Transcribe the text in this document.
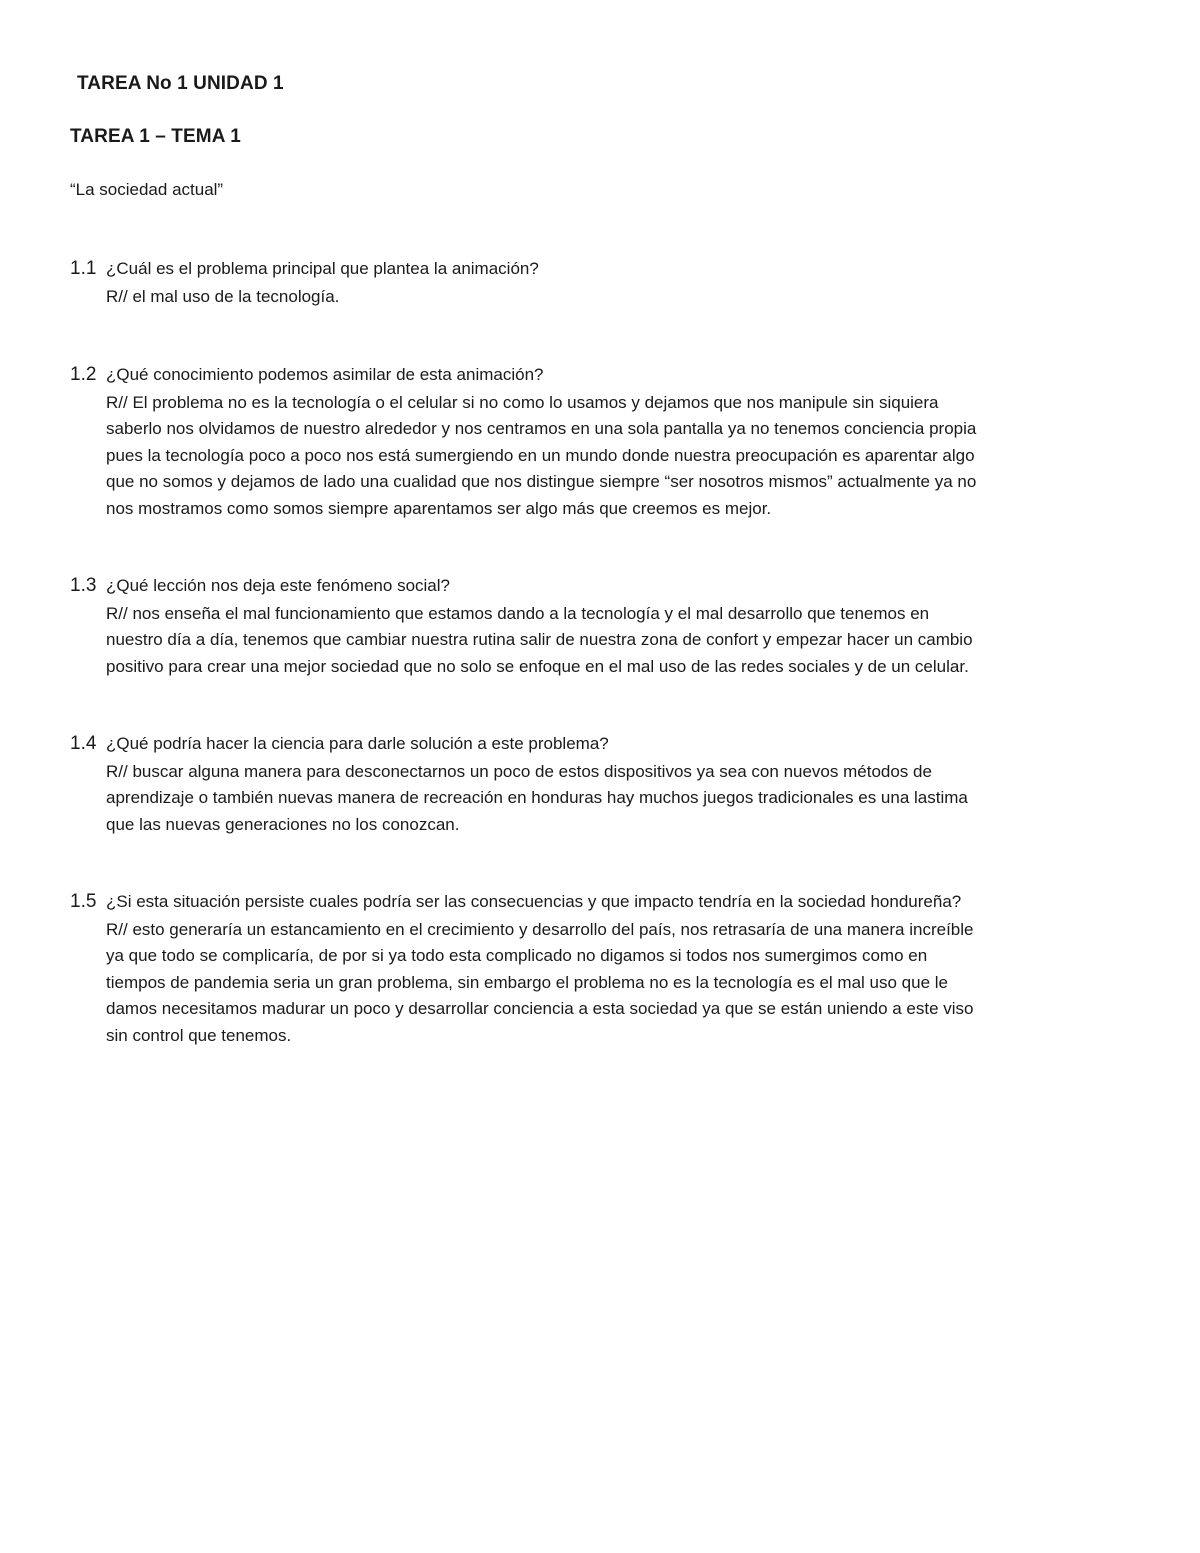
TAREA No 1 UNIDAD 1
TAREA 1 – TEMA 1
“La sociedad actual”
1.1 ¿Cuál es el problema principal que plantea la animación?
R// el mal uso de la tecnología.
1.2 ¿Qué conocimiento podemos asimilar de esta animación?
R// El problema no es la tecnología o el celular si no como lo usamos y dejamos que nos manipule sin siquiera
saberlo nos olvidamos de nuestro alrededor y nos centramos en una sola pantalla ya no tenemos conciencia propia
pues la tecnología poco a poco nos está sumergiendo en un mundo donde nuestra preocupación es aparentar algo
que no somos y dejamos de lado una cualidad que nos distingue siempre “ser nosotros mismos” actualmente ya no
nos mostramos como somos siempre aparentamos ser algo más que creemos es mejor.
1.3 ¿Qué lección nos deja este fenómeno social?
R// nos enseña el mal funcionamiento que estamos dando a la tecnología y el mal desarrollo que tenemos en
nuestro día a día, tenemos que cambiar nuestra rutina salir de nuestra zona de confort y empezar hacer un cambio
positivo para crear una mejor sociedad que no solo se enfoque en el mal uso de las redes sociales y de un celular.
1.4 ¿Qué podría hacer la ciencia para darle solución a este problema?
R// buscar alguna manera para desconectarnos un poco de estos dispositivos ya sea con nuevos métodos de
aprendizaje o también nuevas manera de recreación en honduras hay muchos juegos tradicionales es una lastima
que las nuevas generaciones no los conozcan.
1.5 ¿Si esta situación persiste cuales podría ser las consecuencias y que impacto tendría en la sociedad hondureña?
R// esto generaría un estancamiento en el crecimiento y desarrollo del país, nos retrasaría de una manera increíble
ya que todo se complicaría, de por si ya todo esta complicado no digamos si todos nos sumergimos como en
tiempos de pandemia seria un gran problema, sin embargo el problema no es la tecnología es el mal uso que le
damos necesitamos madurar un poco y desarrollar conciencia a esta sociedad ya que se están uniendo a este viso
sin control que tenemos.
